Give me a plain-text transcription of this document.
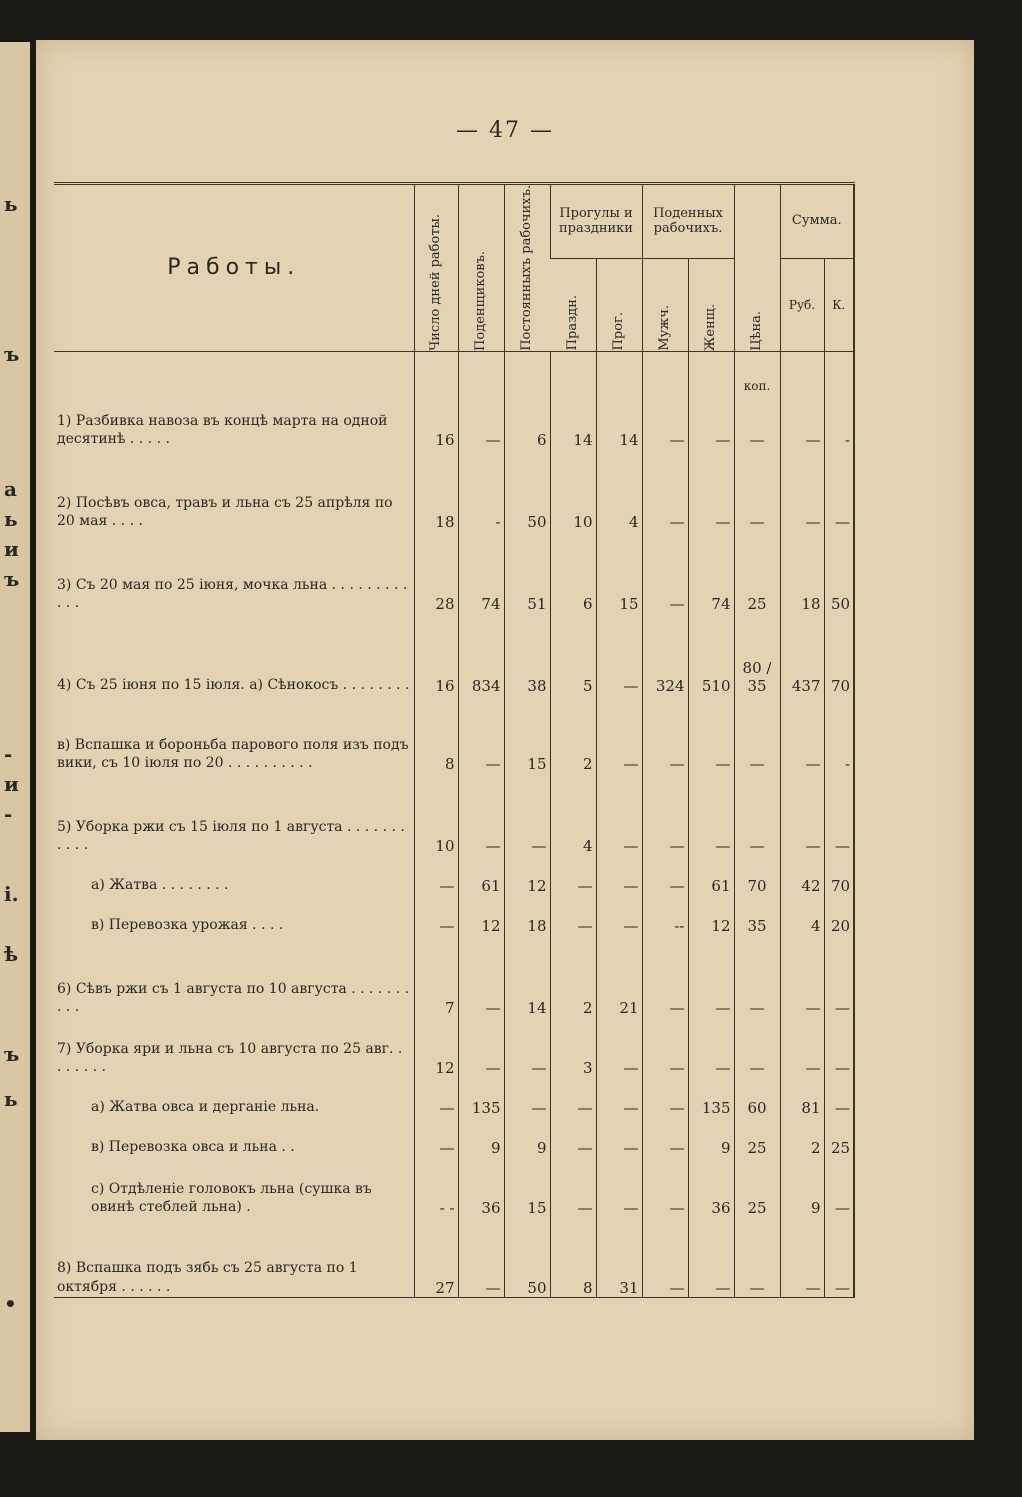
ь
ъ
а
ь
и
ъ
-
и
-
і.
ѣ
ъ
ь
•
— 47 —
Работы.	Число дней работы.	Поденщиковъ.	Постоянныхъ рабочихъ.	Прогулы и праздники		Поденных рабочихъ.		Цѣна.	Сумма.	

				Праздн.	Прог.	Мужч.	Женщ.		Руб.	К.
								коп.		
1) Разбивка навоза въ концѣ марта на одной десятинѣ . . . . .	16	—	6	14	14	—	—	—	—	-
2) Посѣвъ овса, травъ и льна съ 25 апрѣля по 20 мая . . . .	18	-	50	10	4	—	—	—	—	—
3) Съ 20 мая по 25 іюня, мочка льна . . . . . . . . . . . .	28	74	51	6	15	—	74	25	18	50
4) Съ 25 іюня по 15 іюля. а) Сѣнокосъ . . . . . . . .	16	834	38	5	—	324	510	80 / 35	437	70
в) Вспашка и бороньба парового поля изъ подъ вики, съ 10 іюля по 20 . . . . . . . . . .	8	—	15	2	—	—	—	—	—	-
5) Уборка ржи съ 15 іюля по 1 августа . . . . . . . . . . .	10	—	—	4	—	—	—	—	—	—

а) Жатва . . . . . . . .	—	61	12	—	—	—	61	70	42	70

в) Перевозка урожая . . . .	—	12	18	—	—	--	12	35	4	20
6) Сѣвъ ржи съ 1 августа по 10 августа . . . . . . . . . .	7	—	14	2	21	—	—	—	—	—
7) Уборка яри и льна съ 10 августа по 25 авг. . . . . . . .	12	—	—	3	—	—	—	—	—	—

а) Жатва овса и дерганіе льна.	—	135	—	—	—	—	135	60	81	—

в) Перевозка овса и льна . .	—	9	9	—	—	—	9	25	2	25

с) Отдѣленіе головокъ льна (сушка въ овинѣ стеблей льна) .	- -	36	15	—	—	—	36	25	9	—
8) Вспашка подъ зябь съ 25 августа по 1 октября . . . . . .	27	—	50	8	31	—	—	—	—	—
